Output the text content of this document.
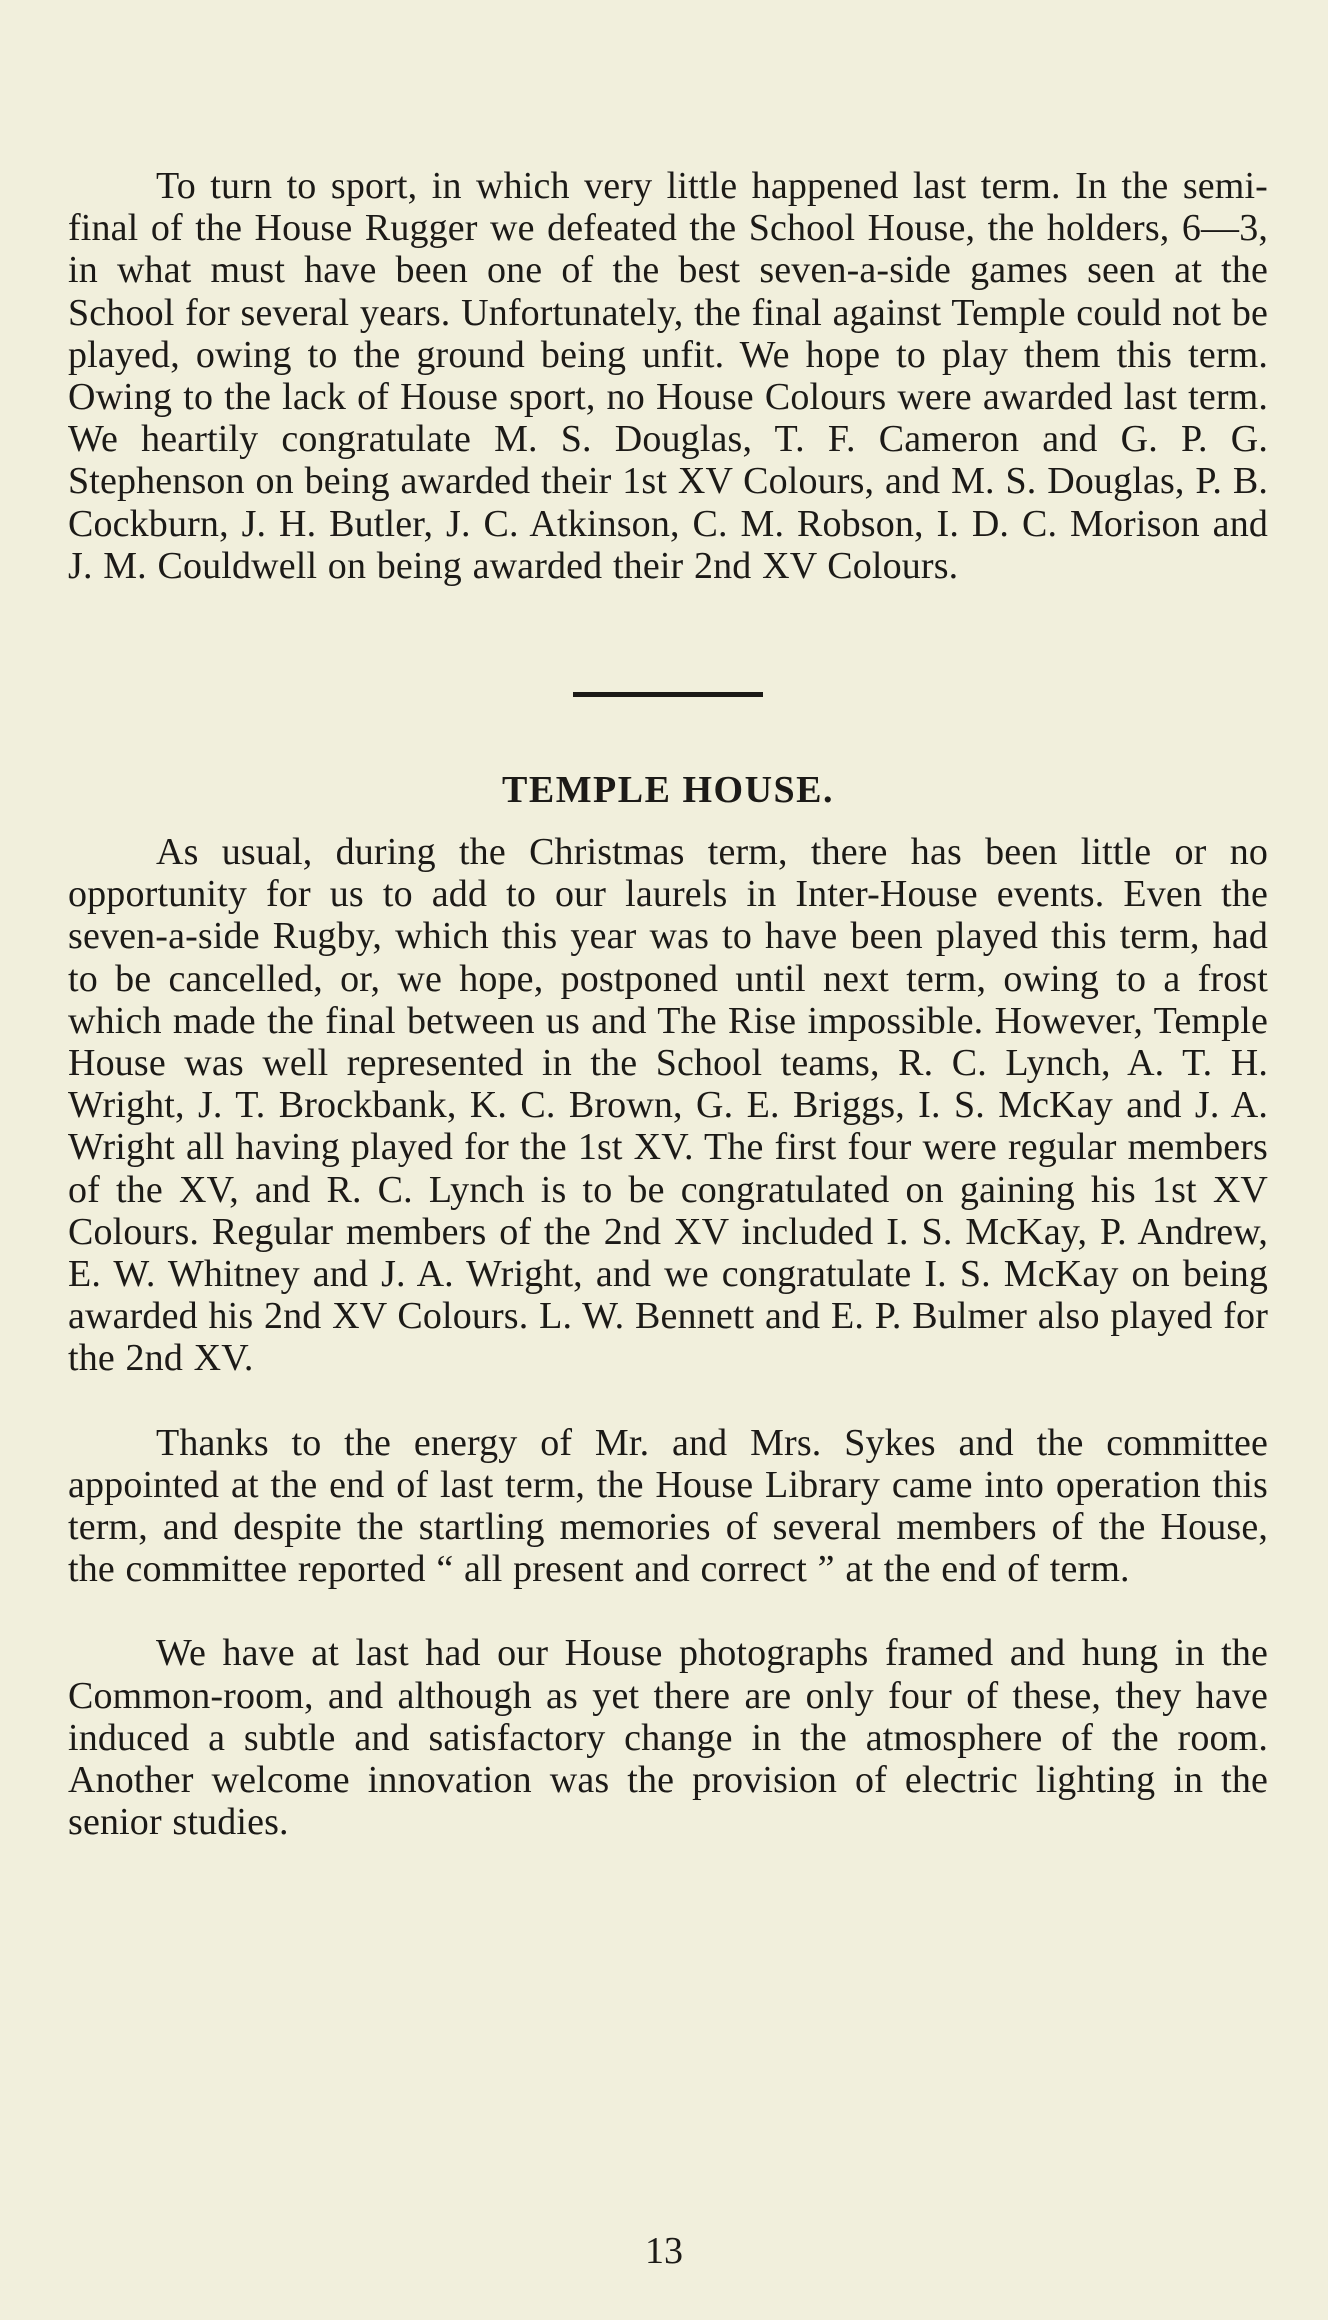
To turn to sport, in which very little happened last term. In the semi-final of the House Rugger we defeated the School House, the holders, 6—3, in what must have been one of the best seven-a-side games seen at the School for several years. Unfortunately, the final against Temple could not be played, owing to the ground being unfit. We hope to play them this term. Owing to the lack of House sport, no House Colours were awarded last term. We heartily congratulate M. S. Douglas, T. F. Cameron and G. P. G. Stephenson on being awarded their 1st XV Colours, and M. S. Douglas, P. B. Cockburn, J. H. Butler, J. C. Atkinson, C. M. Robson, I. D. C. Morison and J. M. Couldwell on being awarded their 2nd XV Colours.

TEMPLE HOUSE.

As usual, during the Christmas term, there has been little or no opportunity for us to add to our laurels in Inter-House events. Even the seven-a-side Rugby, which this year was to have been played this term, had to be cancelled, or, we hope, postponed until next term, owing to a frost which made the final between us and The Rise impossible. However, Temple House was well represented in the School teams, R. C. Lynch, A. T. H. Wright, J. T. Brockbank, K. C. Brown, G. E. Briggs, I. S. McKay and J. A. Wright all having played for the 1st XV. The first four were regular members of the XV, and R. C. Lynch is to be congratulated on gaining his 1st XV Colours. Regular members of the 2nd XV included I. S. McKay, P. Andrew, E. W. Whitney and J. A. Wright, and we congratulate I. S. McKay on being awarded his 2nd XV Colours. L. W. Bennett and E. P. Bulmer also played for the 2nd XV.

Thanks to the energy of Mr. and Mrs. Sykes and the committee appointed at the end of last term, the House Library came into operation this term, and despite the startling memories of several members of the House, the committee reported “ all present and correct ” at the end of term.

We have at last had our House photographs framed and hung in the Common-room, and although as yet there are only four of these, they have induced a subtle and satisfactory change in the atmosphere of the room. Another welcome innovation was the provision of electric lighting in the senior studies.

13
